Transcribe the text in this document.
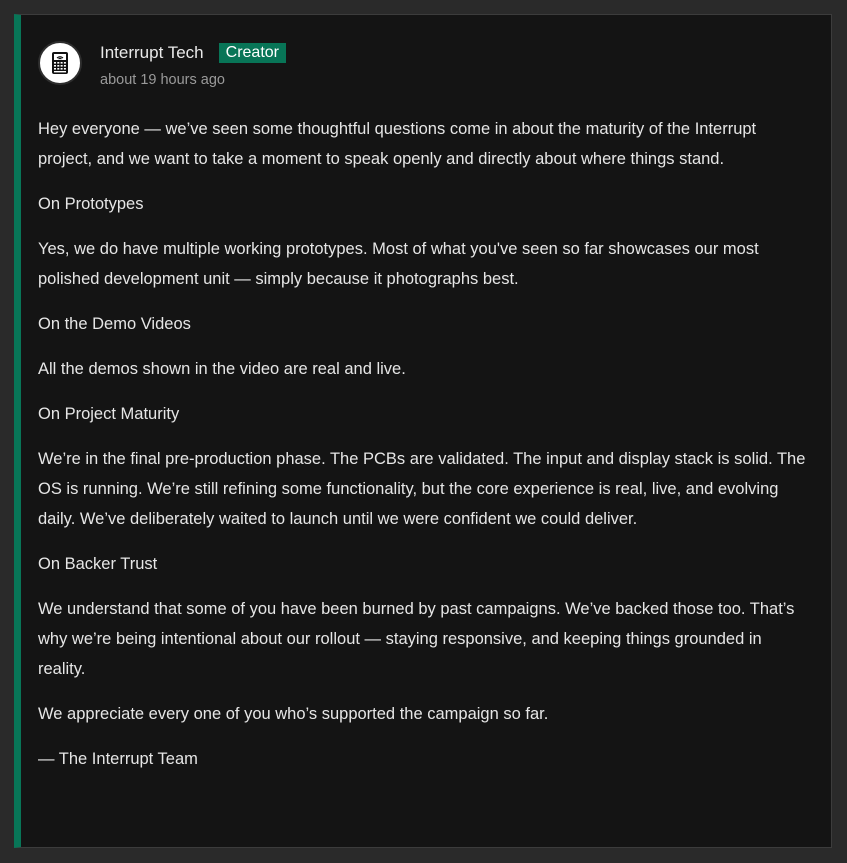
Interrupt Tech	Creator
about 19 hours ago

Hey everyone — we’ve seen some thoughtful questions come in about the maturity of the Interrupt project, and we want to take a moment to speak openly and directly about where things stand.

On Prototypes

Yes, we do have multiple working prototypes. Most of what you've seen so far showcases our most polished development unit — simply because it photographs best.

On the Demo Videos

All the demos shown in the video are real and live.

On Project Maturity

We’re in the final pre-production phase. The PCBs are validated. The input and display stack is solid. The OS is running. We’re still refining some functionality, but the core experience is real, live, and evolving daily. We’ve deliberately waited to launch until we were confident we could deliver.

On Backer Trust

We understand that some of you have been burned by past campaigns. We’ve backed those too. That’s why we’re being intentional about our rollout — staying responsive, and keeping things grounded in reality.

We appreciate every one of you who’s supported the campaign so far.

— The Interrupt Team
